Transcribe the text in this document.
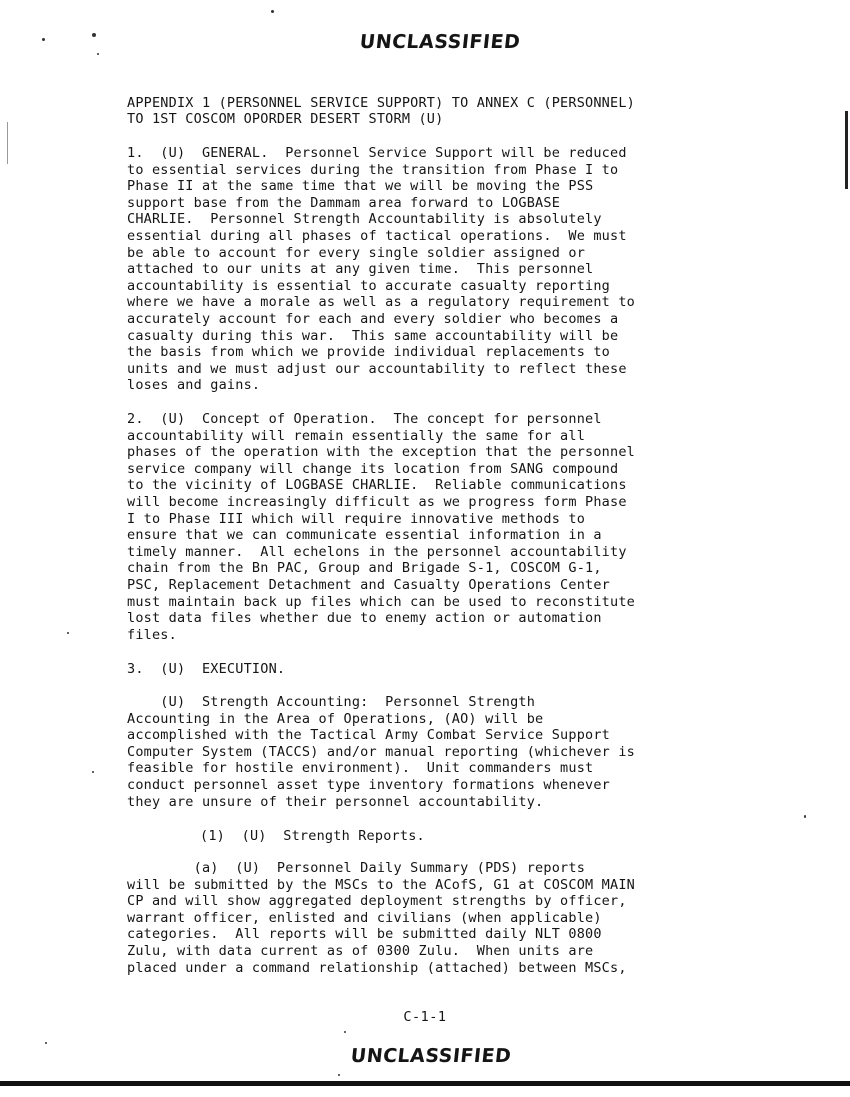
UNCLASSIFIED
APPENDIX 1 (PERSONNEL SERVICE SUPPORT) TO ANNEX C (PERSONNEL)
TO 1ST COSCOM OPORDER DESERT STORM (U)
1.  (U)  GENERAL.  Personnel Service Support will be reduced
to essential services during the transition from Phase I to
Phase II at the same time that we will be moving the PSS
support base from the Dammam area forward to LOGBASE
CHARLIE.  Personnel Strength Accountability is absolutely
essential during all phases of tactical operations.  We must
be able to account for every single soldier assigned or
attached to our units at any given time.  This personnel
accountability is essential to accurate casualty reporting
where we have a morale as well as a regulatory requirement to
accurately account for each and every soldier who becomes a
casualty during this war.  This same accountability will be
the basis from which we provide individual replacements to
units and we must adjust our accountability to reflect these
loses and gains.
2.  (U)  Concept of Operation.  The concept for personnel
accountability will remain essentially the same for all
phases of the operation with the exception that the personnel
service company will change its location from SANG compound
to the vicinity of LOGBASE CHARLIE.  Reliable communications
will become increasingly difficult as we progress form Phase
I to Phase III which will require innovative methods to
ensure that we can communicate essential information in a
timely manner.  All echelons in the personnel accountability
chain from the Bn PAC, Group and Brigade S-1, COSCOM G-1,
PSC, Replacement Detachment and Casualty Operations Center
must maintain back up files which can be used to reconstitute
lost data files whether due to enemy action or automation
files.
3.  (U)  EXECUTION.
(U)  Strength Accounting:  Personnel Strength
Accounting in the Area of Operations, (AO) will be
accomplished with the Tactical Army Combat Service Support
Computer System (TACCS) and/or manual reporting (whichever is
feasible for hostile environment).  Unit commanders must
conduct personnel asset type inventory formations whenever
they are unsure of their personnel accountability.
(1)  (U)  Strength Reports.
(a)  (U)  Personnel Daily Summary (PDS) reports
will be submitted by the MSCs to the ACofS, G1 at COSCOM MAIN
CP and will show aggregated deployment strengths by officer,
warrant officer, enlisted and civilians (when applicable)
categories.  All reports will be submitted daily NLT 0800
Zulu, with data current as of 0300 Zulu.  When units are
placed under a command relationship (attached) between MSCs,
C-1-1
UNCLASSIFIED
